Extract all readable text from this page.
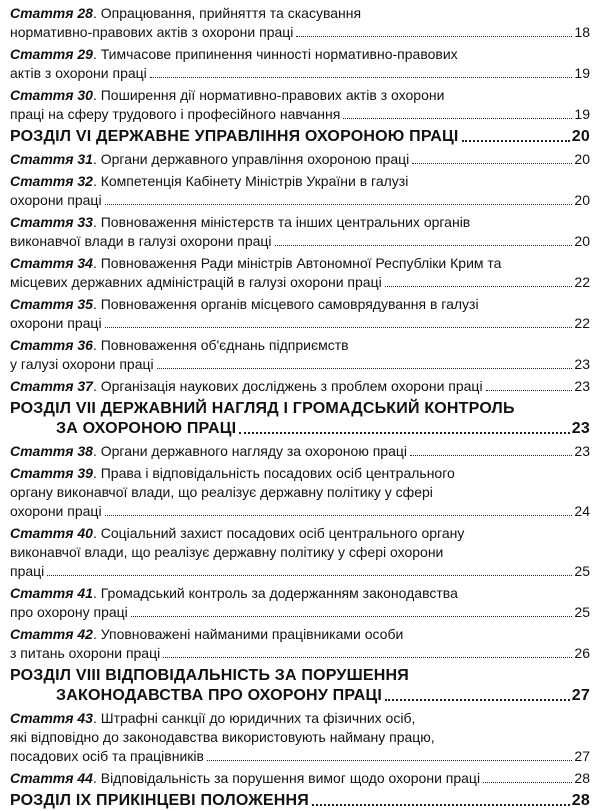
Стаття 28. Опрацювання, прийняття та скасування
нормативно-правових актів з охорони праці	18
Стаття 29. Тимчасове припинення чинності нормативно-правових
актів з охорони праці	19
Стаття 30. Поширення дії нормативно-правових актів з охорони
праці на сферу трудового і професійного навчання	19
РОЗДІЛ VI ДЕРЖАВНЕ УПРАВЛІННЯ ОХОРОНОЮ ПРАЦІ	20
Стаття 31. Органи державного управління охороною праці	20
Стаття 32. Компетенція Кабінету Міністрів України в галузі
охорони праці	20
Стаття 33. Повноваження міністерств та інших центральних органів
виконавчої влади в галузі охорони праці	20
Стаття 34. Повноваження Ради міністрів Автономної Республіки Крим та
місцевих державних адміністрацій в галузі охорони праці	22
Стаття 35. Повноваження органів місцевого самоврядування в галузі
охорони праці	22
Стаття 36. Повноваження об'єднань підприємств
у галузі охорони праці	23
Стаття 37. Організація наукових досліджень з проблем охорони праці	23
РОЗДІЛ VII ДЕРЖАВНИЙ НАГЛЯД І ГРОМАДСЬКИЙ КОНТРОЛЬ
ЗА ОХОРОНОЮ ПРАЦІ	23
Стаття 38. Органи державного нагляду за охороною праці	23
Стаття 39. Права і відповідальність посадових осіб центрального
органу виконавчої влади, що реалізує державну політику у сфері
охорони праці	24
Стаття 40. Соціальний захист посадових осіб центрального органу
виконавчої влади, що реалізує державну політику у сфері охорони
праці	25
Стаття 41. Громадський контроль за додержанням законодавства
про охорону праці	25
Стаття 42. Уповноважені найманими працівниками особи
з питань охорони праці	26
РОЗДІЛ VIII ВІДПОВІДАЛЬНІСТЬ ЗА ПОРУШЕННЯ
ЗАКОНОДАВСТВА ПРО ОХОРОНУ ПРАЦІ	27
Стаття 43. Штрафні санкції до юридичних та фізичних осіб,
які відповідно до законодавства використовують найману працю,
посадових осіб та працівників	27
Стаття 44. Відповідальність за порушення вимог щодо охорони праці	28
РОЗДІЛ IX ПРИКІНЦЕВІ ПОЛОЖЕННЯ	28
